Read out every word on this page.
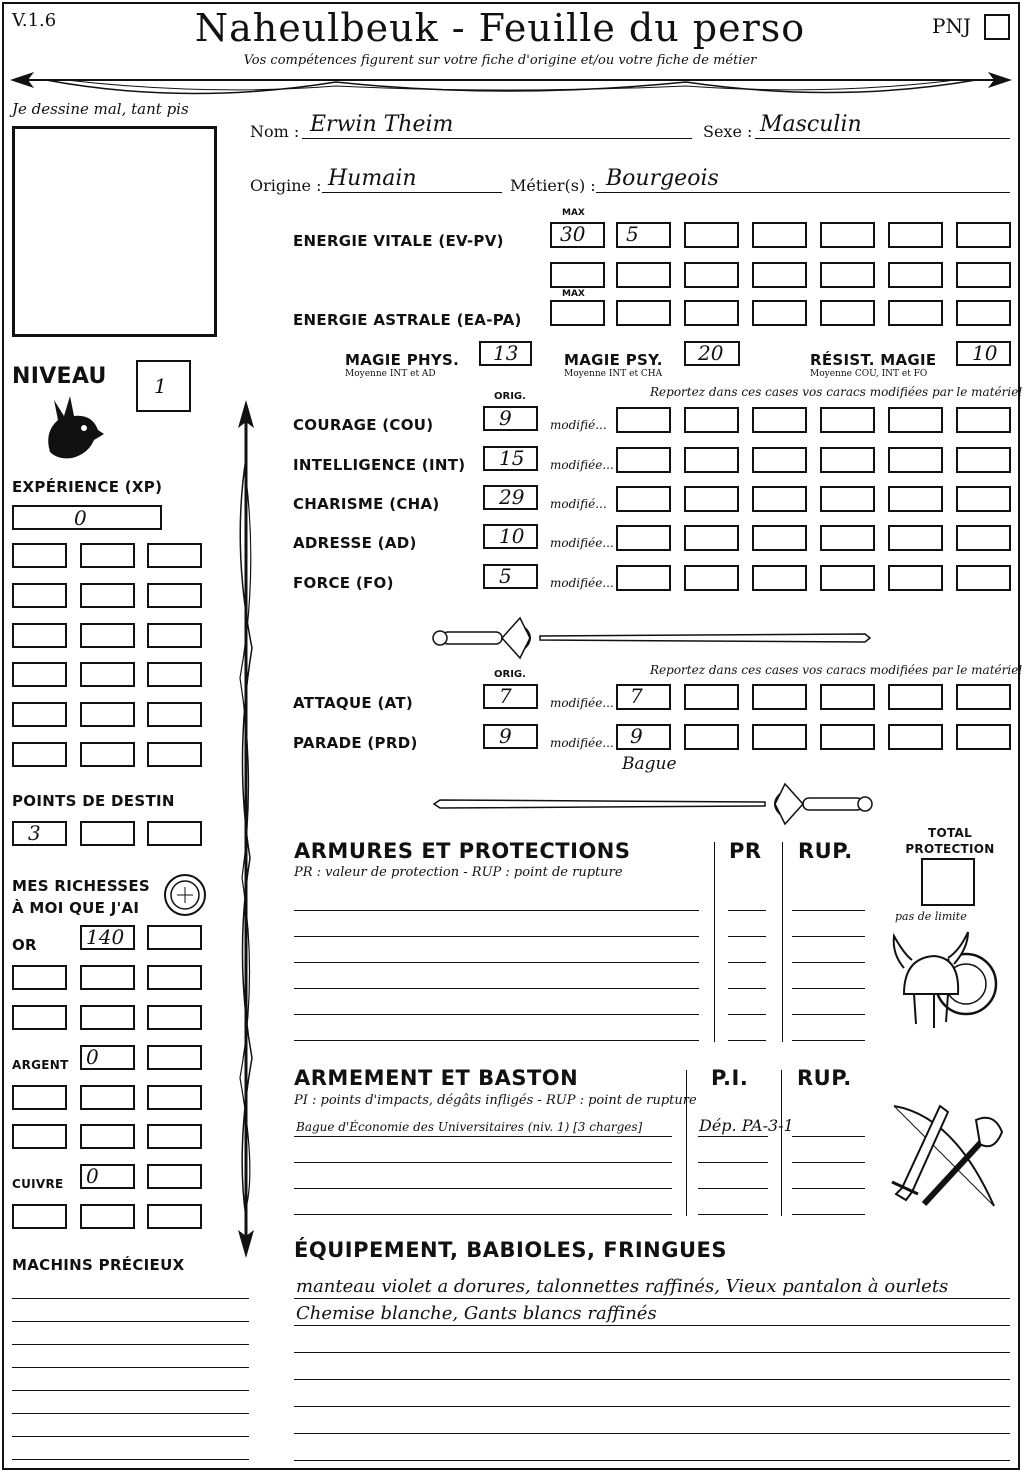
V.1.6	Naheulbeuk - Feuille du perso	PNJ
Vos compétences figurent sur votre fiche d'origine et/ou votre fiche de métier
Je dessine mal, tant pis
Nom : Erwin Theim	Sexe : Masculin
Origine : Humain	Métier(s) : Bourgeois
MAX
ENERGIE VITALE (EV-PV)
MAX
ENERGIE ASTRALE (EA-PA)
MAGIE PHYS.
Moyenne INT et AD
13	MAGIE PSY.
Moyenne INT et CHA
20	RÉSIST. MAGIE
Moyenne COU, INT et FO
10
ORIG.	Reportez dans ces cases vos caracs modifiées par le matériel
ORIG.	Reportez dans ces cases vos caracs modifiées par le matériel
Bague
NIVEAU 1
EXPÉRIENCE (XP)
0
POINTS DE DESTIN
MES RICHESSES
À MOI QUE J'AI
OR
ARGENT
CUIVRE
MACHINS PRÉCIEUX
ARMURES ET PROTECTIONS
PR : valeur de protection - RUP : point de rupture
PR RUP.
TOTAL
PROTECTION
pas de limite
ARMEMENT ET BASTON
PI : points d'impacts, dégâts infligés - RUP : point de rupture
P.I. RUP.
Bague d'Économie des Universitaires (niv. 1) [3 charges]	Dép. PA-3-1
ÉQUIPEMENT, BABIOLES, FRINGUES
manteau violet a dorures, talonnettes raffinés, Vieux pantalon à ourlets
Chemise blanche, Gants blancs raffinés
30 5
COURAGE (COU)	9	modifié...
INTELLIGENCE (INT) 15 modifiée...
CHARISME (CHA)	29 modifié...
ADRESSE (AD)	10 modifiée...
FORCE (FO)	5	modifiée...
ATTAQUE (AT)	7	modifiée... 7
PARADE (PRD)	9	modifiée... 9
3
140
0
0
